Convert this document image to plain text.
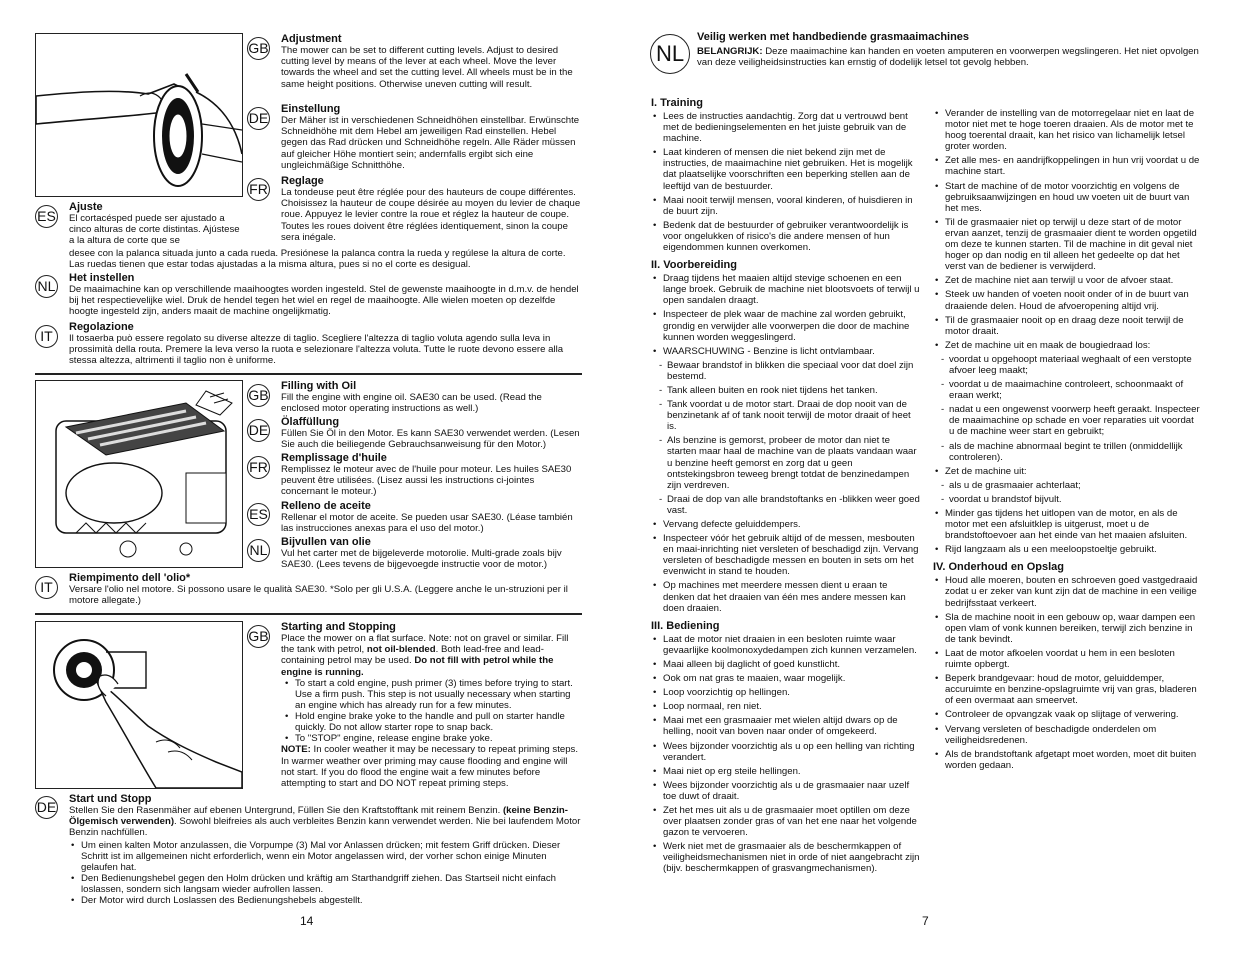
GB

Adjustment

The mower can be set to different cutting levels. Adjust to desired cutting level by means of the lever at each wheel. Move the lever towards the wheel and set the cutting level. All wheels must be in the same height positions. Otherwise uneven cutting will result.

DE

Einstellung

Der Mäher ist in verschiedenen Schneidhöhen einstellbar. Erwünschte Schneidhöhe mit dem Hebel am jeweiligen Rad einstellen. Hebel gegen das Rad drücken und Schneidhöhe regeln. Alle Räder müssen auf gleicher Höhe montiert sein; andernfalls ergibt sich eine ungleichmäßige Schnitthöhe.

FR Reglage

La tondeuse peut être réglée pour des hauteurs de coupe différentes. Choisissez la hauteur de coupe désirée au moyen du levier de chaque roue. Appuyez le levier contre la roue et réglez la hauteur de coupe. Toutes les roues doivent être réglées identiquement, sinon la coupe sera inégale.

ES

Ajuste

El cortacésped puede ser ajustado a cinco alturas de corte distintas. Ajústese a la altura de corte que se

desee con la palanca situada junto a cada rueda. Presiónese la palanca contra la rueda y regúlese la altura de corte. Las ruedas tienen que estar todas ajustadas a la misma altura, pues si no el corte es desigual.

NL Het instellen

De maaimachine kan op verschillende maaihoogtes worden ingesteld. Stel de gewenste maaihoogte in d.m.v. de hendel bij het respectievelijke wiel. Druk de hendel tegen het wiel en regel de maaihoogte. Alle wielen moeten op dezelfde hoogte ingesteld zijn, anders maait de machine ongelijkmatig.

IT

Regolazione

Il tosaerba può essere regolato su diverse altezze di taglio. Scegliere l'altezza di taglio voluta agendo sulla leva in prossimità della routa. Premere la leva verso la ruota e selezionare l'altezza voluta. Tutte le ruote devono essere alla stessa altezza, altrimenti il taglio non è uniforme.

GB

Filling with Oil

Fill the engine with engine oil. SAE30 can be used. (Read the enclosed motor operating instructions as well.)

DE Ölaffüllung

Füllen Sie Öl in den Motor. Es kann SAE30 verwendet werden. (Lesen Sie auch die beiliegende Gebrauchsanweisung für den Motor.)

FR

Remplissage d'huile

Remplissez le moteur avec de l'huile pour moteur. Les huiles SAE30 peuvent être utilisées. (Lisez aussi les instructions ci-jointes concernant le moteur.)

ES Relleno de aceite

Rellenar el motor de aceite. Se pueden usar SAE30. (Léase también las instrucciones anexas para el uso del motor.)

NL Bijvullen van olie

Vul het carter met de bijgeleverde motorolie. Multi-grade zoals bijv SAE30. (Lees tevens de bijgevoegde instructie voor de motor.)

IT

Riempimento dell 'olio*

Versare l'olio nel motore. Si possono usare le qualità SAE30. *Solo per gli U.S.A. (Leggere anche le un-struzioni per il motore allegate.)

GB

Starting and Stopping

Place the mower on a flat surface. Note: not on gravel or similar. Fill the tank with petrol, not oil-blended. Both lead-free and lead-containing petrol may be used. Do not fill with petrol while the engine is running.

• To start a cold engine, push primer (3) times before trying to start. Use a firm push. This step is not usually necessary when starting an engine which has already run for a few minutes.
• Hold engine brake yoke to the handle and pull on starter handle quickly. Do not allow starter rope to snap back.
• To "STOP" engine, release engine brake yoke.

NOTE: In cooler weather it may be necessary to repeat priming steps. In warmer weather over priming may cause flooding and engine will not start. If you do flood the engine wait a few minutes before attempting to start and DO NOT repeat priming steps.

DE Start und Stopp

Stellen Sie den Rasenmäher auf ebenen Untergrund, Füllen Sie den Kraftstofftank mit reinem Benzin. (keine Benzin-Ölgemisch verwenden). Sowohl bleifreies als auch verbleites Benzin kann verwendet werden. Nie bei laufendem Motor Benzin nachfüllen.

• Um einen kalten Motor anzulassen, die Vorpumpe (3) Mal vor Anlassen drücken; mit festem Griff drücken. Dieser Schritt ist im allgemeinen nicht erforderlich, wenn ein Motor angelassen wird, der vorher schon einige Minuten gelaufen hat.
• Den Bedienungshebel gegen den Holm drücken und kräftig am Starthandgriff ziehen. Das Startseil nicht einfach loslassen, sondern sich langsam wieder aufrollen lassen.
• Der Motor wird durch Loslassen des Bedienungshebels abgestellt.
14
NL

Veilig werken met handbediende grasmaaimachines

BELANGRIJK: Deze maaimachine kan handen en voeten amputeren en voorwerpen wegslingeren. Het niet opvolgen van deze veiligheidsinstructies kan ernstig of dodelijk letsel tot gevolg hebben.

I. Training

• Lees de instructies aandachtig. Zorg dat u vertrouwd bent met de bedieningselementen en het juiste gebruik van de machine.
• Laat kinderen of mensen die niet bekend zijn met de instructies, de maaimachine niet gebruiken. Het is mogelijk dat plaatselijke voorschriften een beperking stellen aan de leeftijd van de bestuurder.
• Maai nooit terwijl mensen, vooral kinderen, of huisdieren in de buurt zijn.
• Bedenk dat de bestuurder of gebruiker verantwoordelijk is voor ongelukken of risico's die andere mensen of hun eigendommen kunnen overkomen.

II. Voorbereiding

• Draag tijdens het maaien altijd stevige schoenen en een lange broek. Gebruik de machine niet blootsvoets of terwijl u open sandalen draagt.
• Inspecteer de plek waar de machine zal worden gebruikt, grondig en verwijder alle voorwerpen die door de machine kunnen worden weggeslingerd.
• WAARSCHUWING - Benzine is licht ontvlambaar.
- Bewaar brandstof in blikken die speciaal voor dat doel zijn bestemd.
- Tank alleen buiten en rook niet tijdens het tanken.
- Tank voordat u de motor start. Draai de dop nooit van de benzinetank af of tank nooit terwijl de motor draait of heet is.
- Als benzine is gemorst, probeer de motor dan niet te starten maar haal de machine van de plaats vandaan waar u benzine heeft gemorst en zorg dat u geen ontstekingsbron teweeg brengt totdat de benzinedampen zijn verdreven.
- Draai de dop van alle brandstoftanks en -blikken weer goed vast.
• Vervang defecte geluiddempers.
• Inspecteer vóór het gebruik altijd of de messen, mesbouten en maai-inrichting niet versleten of beschadigd zijn. Vervang versleten of beschadigde messen en bouten in sets om het evenwicht in stand te houden.
• Op machines met meerdere messen dient u eraan te denken dat het draaien van één mes andere messen kan doen draaien.

III. Bediening

• Laat de motor niet draaien in een besloten ruimte waar gevaarlijke koolmonoxydedampen zich kunnen verzamelen.
• Maai alleen bij daglicht of goed kunstlicht.
• Ook om nat gras te maaien, waar mogelijk.
• Loop voorzichtig op hellingen.
• Loop normaal, ren niet.
• Maai met een grasmaaier met wielen altijd dwars op de helling, nooit van boven naar onder of omgekeerd.
• Wees bijzonder voorzichtig als u op een helling van richting verandert.
• Maai niet op erg steile hellingen.
• Wees bijzonder voorzichtig als u de grasmaaier naar uzelf toe duwt of draait.
• Zet het mes uit als u de grasmaaier moet optillen om deze over plaatsen zonder gras of van het ene naar het volgende gazon te vervoeren.
• Werk niet met de grasmaaier als de beschermkappen of veiligheidsmechanismen niet in orde of niet aangebracht zijn (bijv. beschermkappen of grasvangmechanismen).
• Verander de instelling van de motorregelaar niet en laat de motor niet met te hoge toeren draaien. Als de motor met te hoog toerental draait, kan het risico van lichamelijk letsel groter worden.
• Zet alle mes- en aandrijfkoppelingen in hun vrij voordat u de machine start.
• Start de machine of de motor voorzichtig en volgens de gebruiksaanwijzingen en houd uw voeten uit de buurt van het mes.
• Til de grasmaaier niet op terwijl u deze start of de motor ervan aanzet, tenzij de grasmaaier dient te worden opgetild om deze te kunnen starten. Til de machine in dit geval niet hoger op dan nodig en til alleen het gedeelte op dat het verst van de bediener is verwijderd.
• Zet de machine niet aan terwijl u voor de afvoer staat.
• Steek uw handen of voeten nooit onder of in de buurt van draaiende delen. Houd de afvoeropening altijd vrij.
• Til de grasmaaier nooit op en draag deze nooit terwijl de motor draait.
• Zet de machine uit en maak de bougiedraad los:
- voordat u opgehoopt materiaal weghaalt of een verstopte afvoer leeg maakt;
- voordat u de maaimachine controleert, schoonmaakt of eraan werkt;
- nadat u een ongewenst voorwerp heeft geraakt. Inspecteer de maaimachine op schade en voer reparaties uit voordat u de machine weer start en gebruikt;
- als de machine abnormaal begint te trillen (onmiddellijk controleren).
• Zet de machine uit:
- als u de grasmaaier achterlaat;
- voordat u brandstof bijvult.
• Minder gas tijdens het uitlopen van de motor, en als de motor met een afsluitklep is uitgerust, moet u de brandstoftoevoer aan het einde van het maaien afsluiten.
• Rijd langzaam als u een meeloopstoeltje gebruikt.

IV. Onderhoud en Opslag

• Houd alle moeren, bouten en schroeven goed vastgedraaid zodat u er zeker van kunt zijn dat de machine in een veilige bedrijfsstaat verkeert.
• Sla de machine nooit in een gebouw op, waar dampen een open vlam of vonk kunnen bereiken, terwijl zich benzine in de tank bevindt.
• Laat de motor afkoelen voordat u hem in een besloten ruimte opbergt.
• Beperk brandgevaar: houd de motor, geluiddemper, accuruimte en benzine-opslagruimte vrij van gras, bladeren of een overmaat aan smeervet.
• Controleer de opvangzak vaak op slijtage of verwering.
• Vervang versleten of beschadigde onderdelen om veiligheidsredenen.
• Als de brandstoftank afgetapt moet worden, moet dit buiten worden gedaan.
7
